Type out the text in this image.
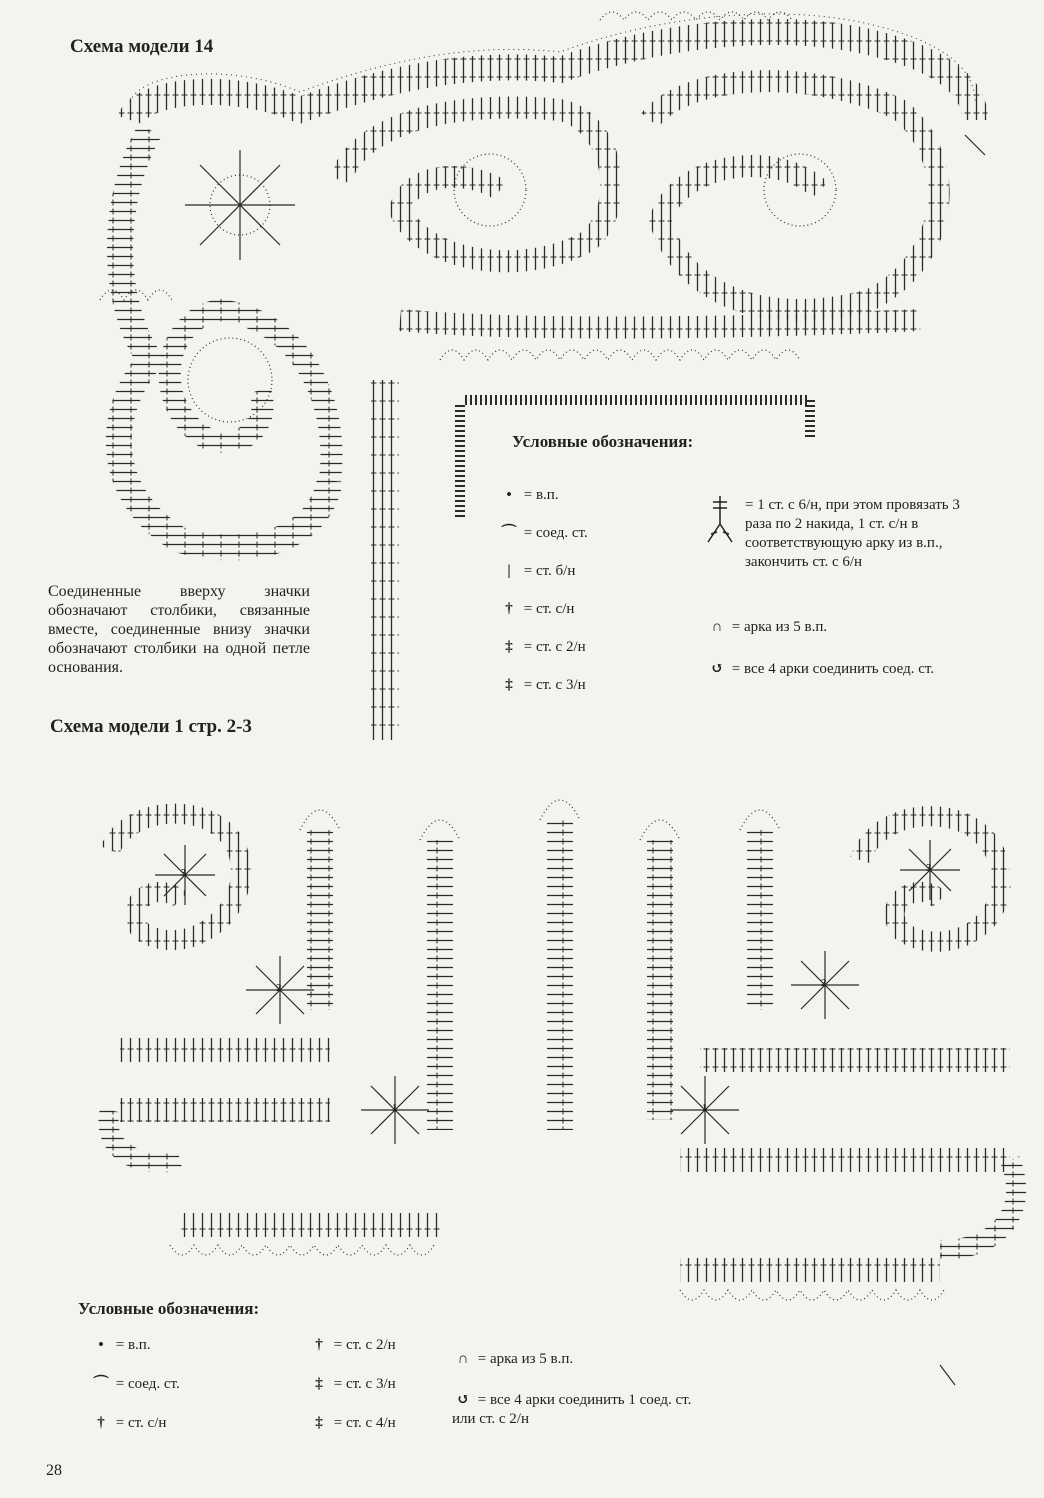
3
2
1	1
2
3
Схема модели 14
Соединенные вверху значки обозначают столбики, связанные вместе, соединенные внизу значки обозначают столбики на одной петле основания.
Условные обозначения:
• = в.п.
⌒ = соед. ст.
| = ст. б/н
† = ст. с/н
‡ = ст. с 2/н
‡ = ст. с 3/н
= 1 ст. с 6/н, при этом провязать 3 раза по 2 накида, 1 ст. с/н в соответствующую арку из в.п., закончить ст. с 6/н
∩ = арка из 5 в.п.
↺ = все 4 арки соединить соед. ст.
Схема модели 1 стр. 2-3
Условные обозначения:
• = в.п.
⌒ = соед. ст.
† = ст. с/н
† = ст. с 2/н
‡ = ст. с 3/н
‡ = ст. с 4/н
∩ = арка из 5 в.п.
↺ = все 4 арки соединить 1 соед. ст. или ст. с 2/н
28
